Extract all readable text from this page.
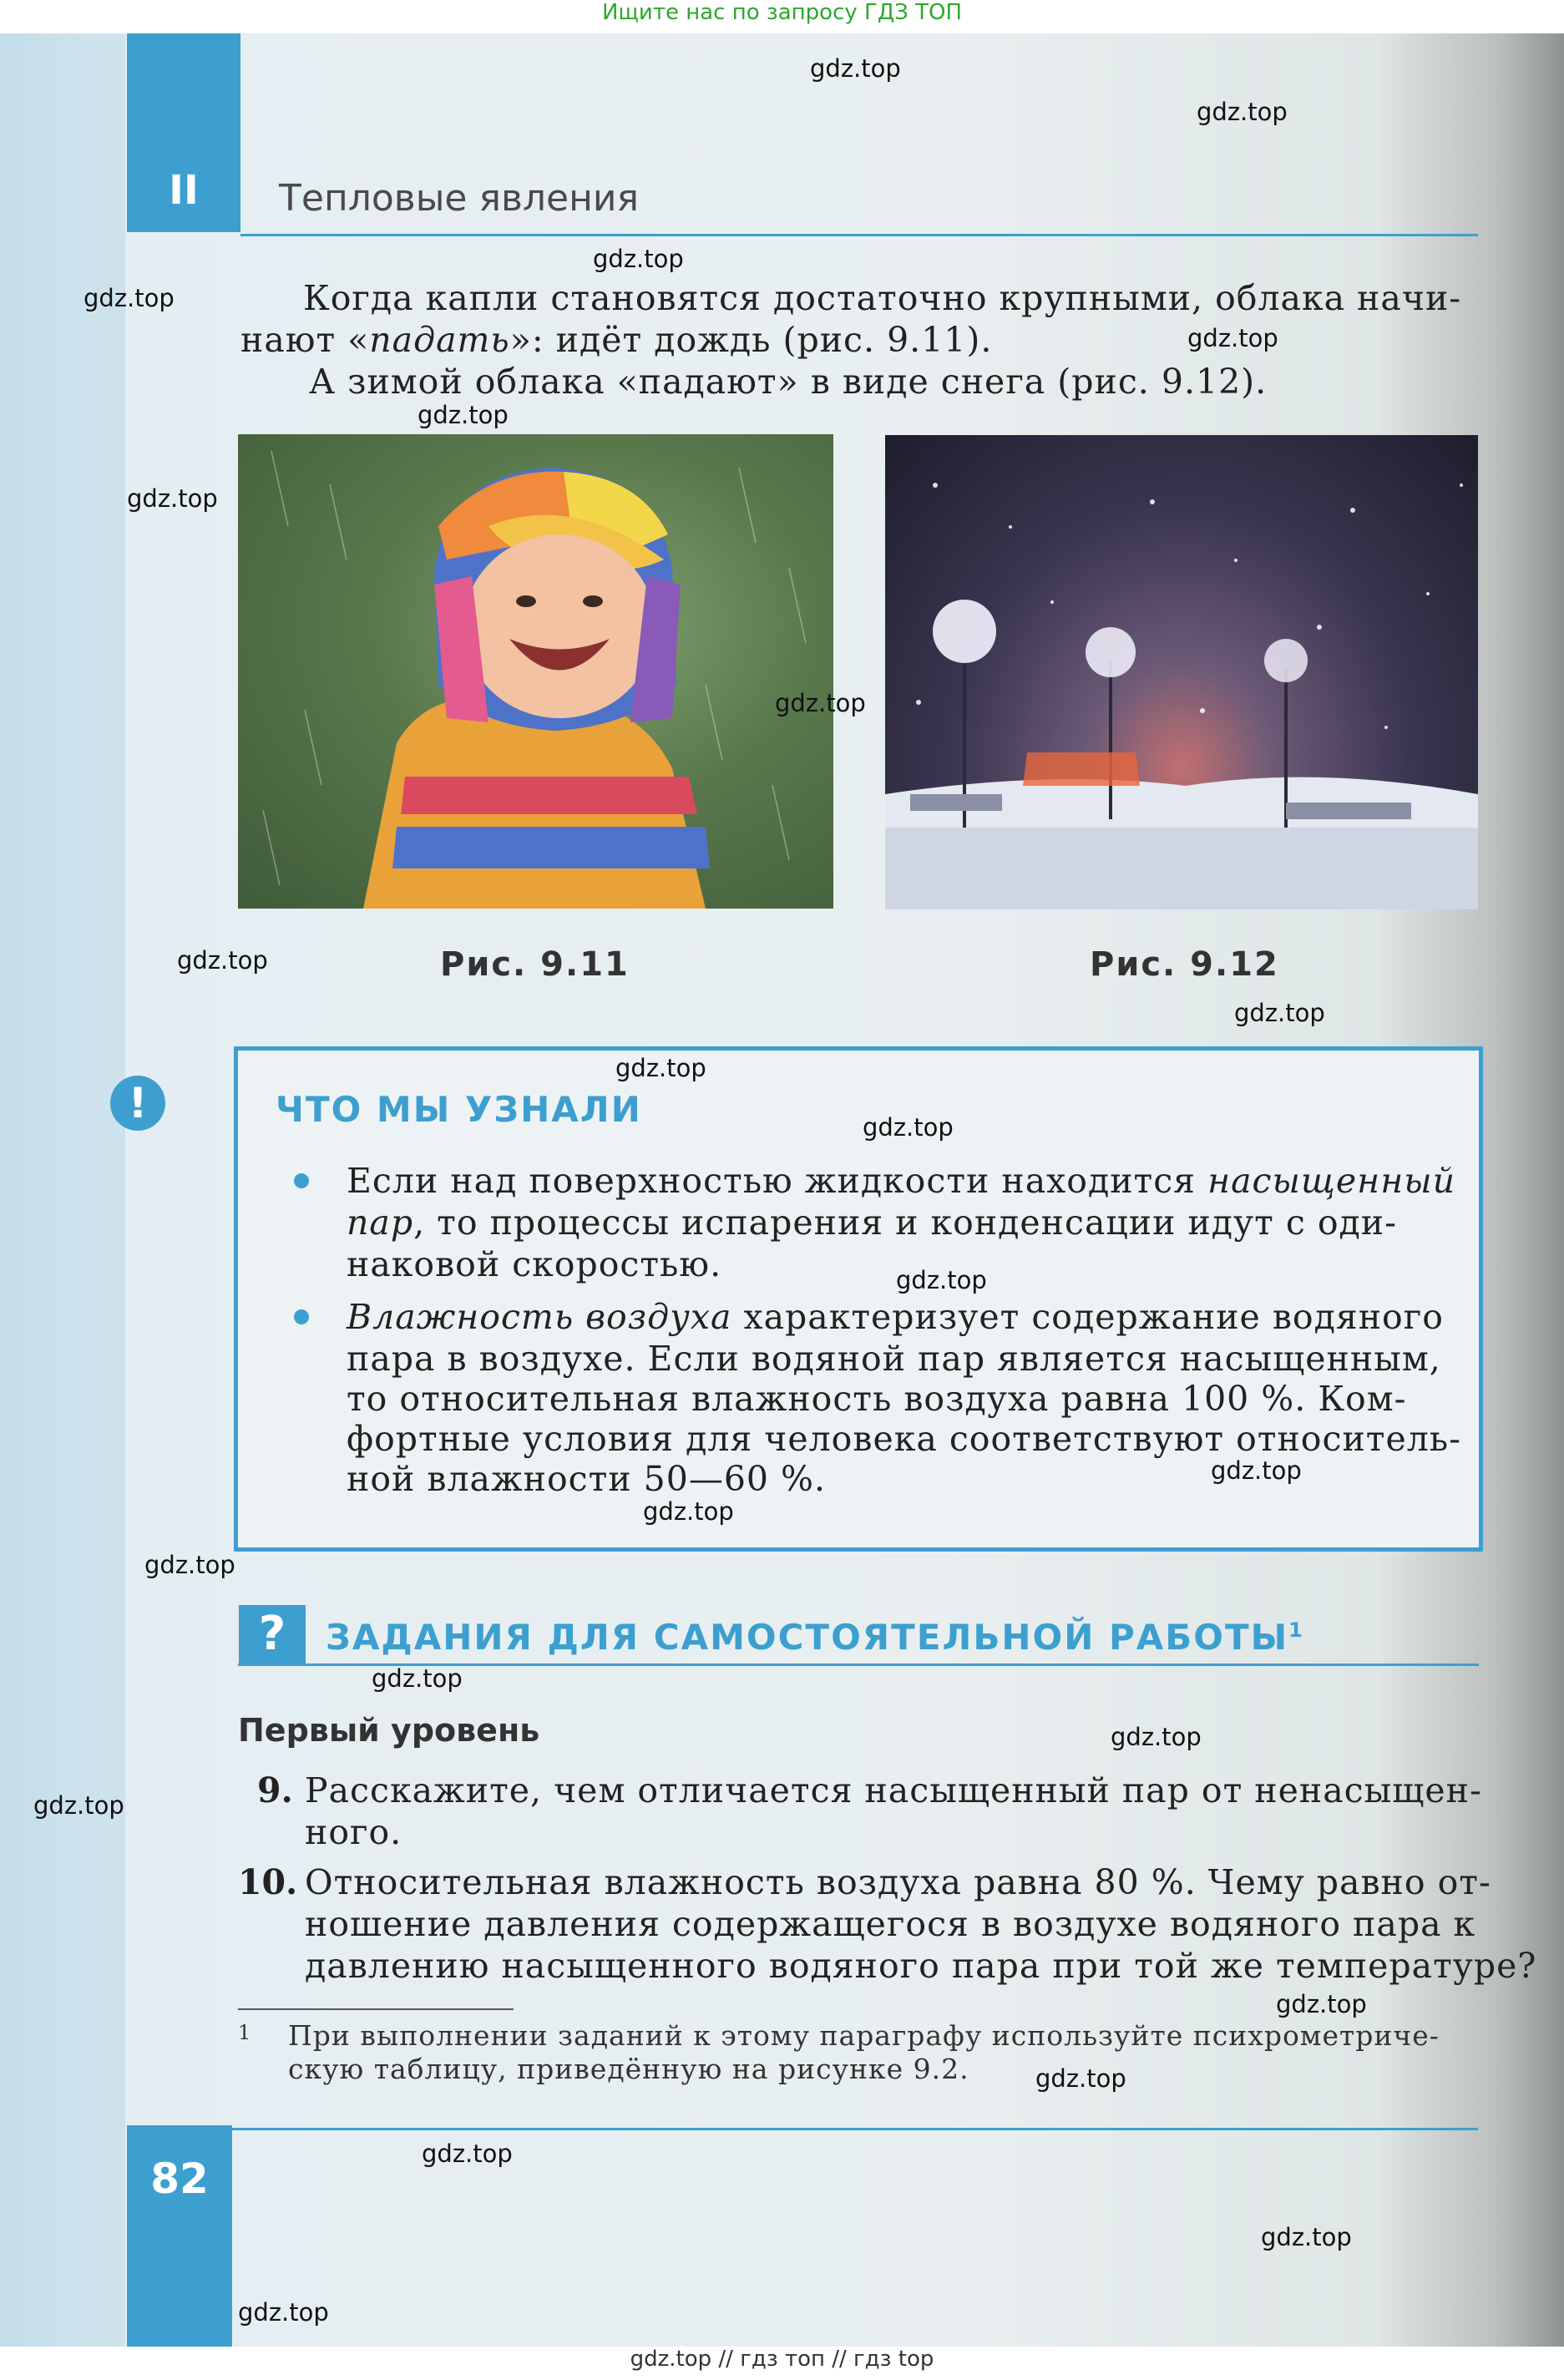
Ищите нас по запросу ГДЗ ТОП
II	Тепловые явления
Когда капли становятся достаточно крупными, облака начи-
нают «падать»: идёт дождь (рис. 9.11).
А зимой облака «падают» в виде снега (рис. 9.12).
Рис. 9.11	Рис. 9.12
!	ЧТО МЫ УЗНАЛИ
Если над поверхностью жидкости находится насыщенный
пар, то процессы испарения и конденсации идут с оди-
наковой скоростью.
Влажность воздуха характеризует содержание водяного
пара в воздухе. Если водяной пар является насыщенным,
то относительная влажность воздуха равна 100 %. Ком-
фортные условия для человека соответствуют относитель-
ной влажности 50—60 %.
?	ЗАДАНИЯ ДЛЯ САМОСТОЯТЕЛЬНОЙ РАБОТЫ$^1$
Первый уровень
9. Расскажите, чем отличается насыщенный пар от ненасыщен-
ного.
10. Относительная влажность воздуха равна 80 %. Чему равно от-
ношение давления содержащегося в воздухе водяного пара к
давлению насыщенного водяного пара при той же температуре?
1	При выполнении заданий к этому параграфу используйте психрометриче-
скую таблицу, приведённую на рисунке 9.2.
82
gdz.top
gdz.top
gdz.top
gdz.top
gdz.top
gdz.top
gdz.top
gdz.top
gdz.top
gdz.top
gdz.top
gdz.top
gdz.top
gdz.top
gdz.top
gdz.top
gdz.top
gdz.top
gdz.top
gdz.top
gdz.top
gdz.top
gdz.top
gdz.top
gdz.top // гдз топ // гдз top
